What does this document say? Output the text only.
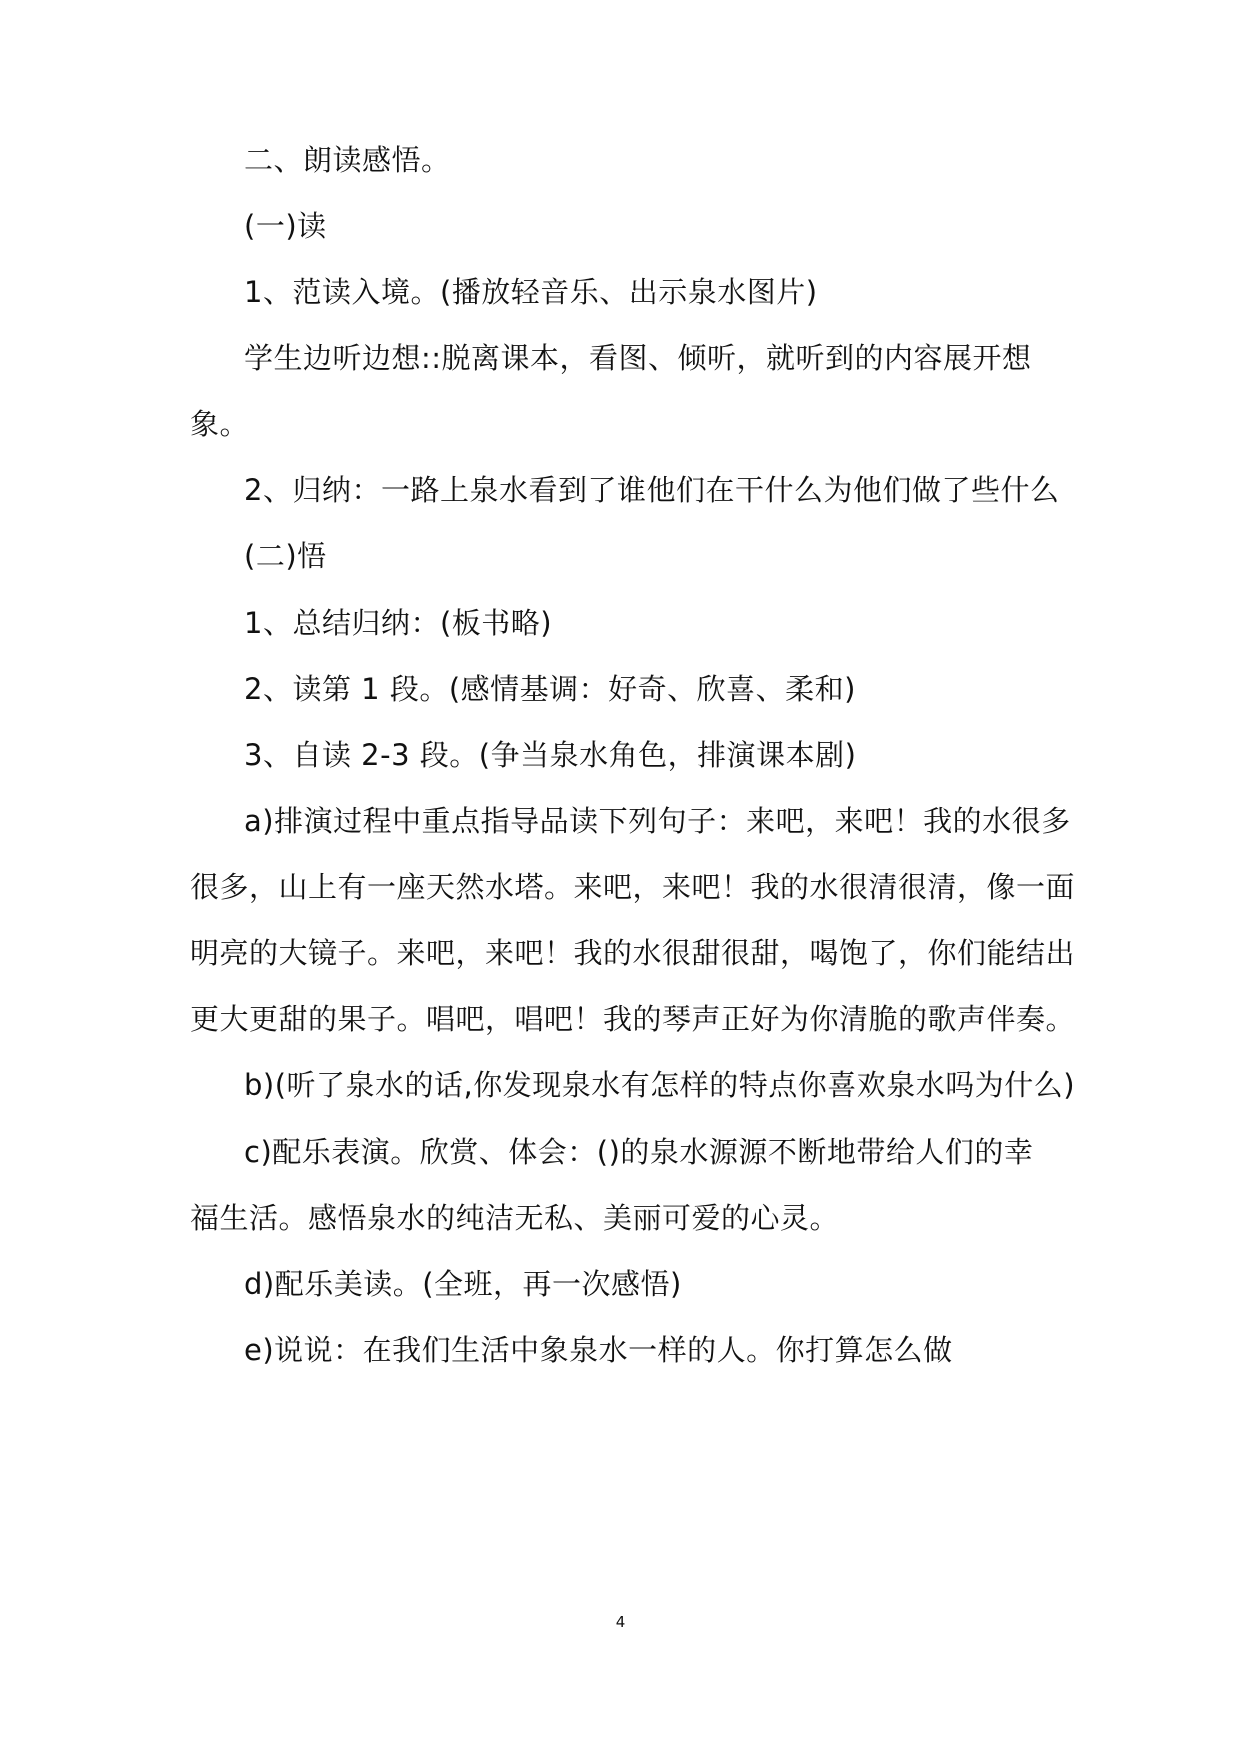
二、朗读感悟。
(一)读
1、范读入境。(播放轻音乐、出示泉水图片)
学生边听边想::脱离课本，看图、倾听，就听到的内容展开想
象。
2、归纳：一路上泉水看到了谁他们在干什么为他们做了些什么
(二)悟
1、总结归纳：(板书略)
2、读第 1 段。(感情基调：好奇、欣喜、柔和)
3、自读 2-3 段。(争当泉水角色，排演课本剧)
a)排演过程中重点指导品读下列句子：来吧，来吧！我的水很多
很多，山上有一座天然水塔。来吧，来吧！我的水很清很清，像一面
明亮的大镜子。来吧，来吧！我的水很甜很甜，喝饱了，你们能结出
更大更甜的果子。唱吧，唱吧！我的琴声正好为你清脆的歌声伴奏。
b)(听了泉水的话,你发现泉水有怎样的特点你喜欢泉水吗为什么)
c)配乐表演。欣赏、体会：()的泉水源源不断地带给人们的幸
福生活。感悟泉水的纯洁无私、美丽可爱的心灵。
d)配乐美读。(全班，再一次感悟)
e)说说：在我们生活中象泉水一样的人。你打算怎么做
4
